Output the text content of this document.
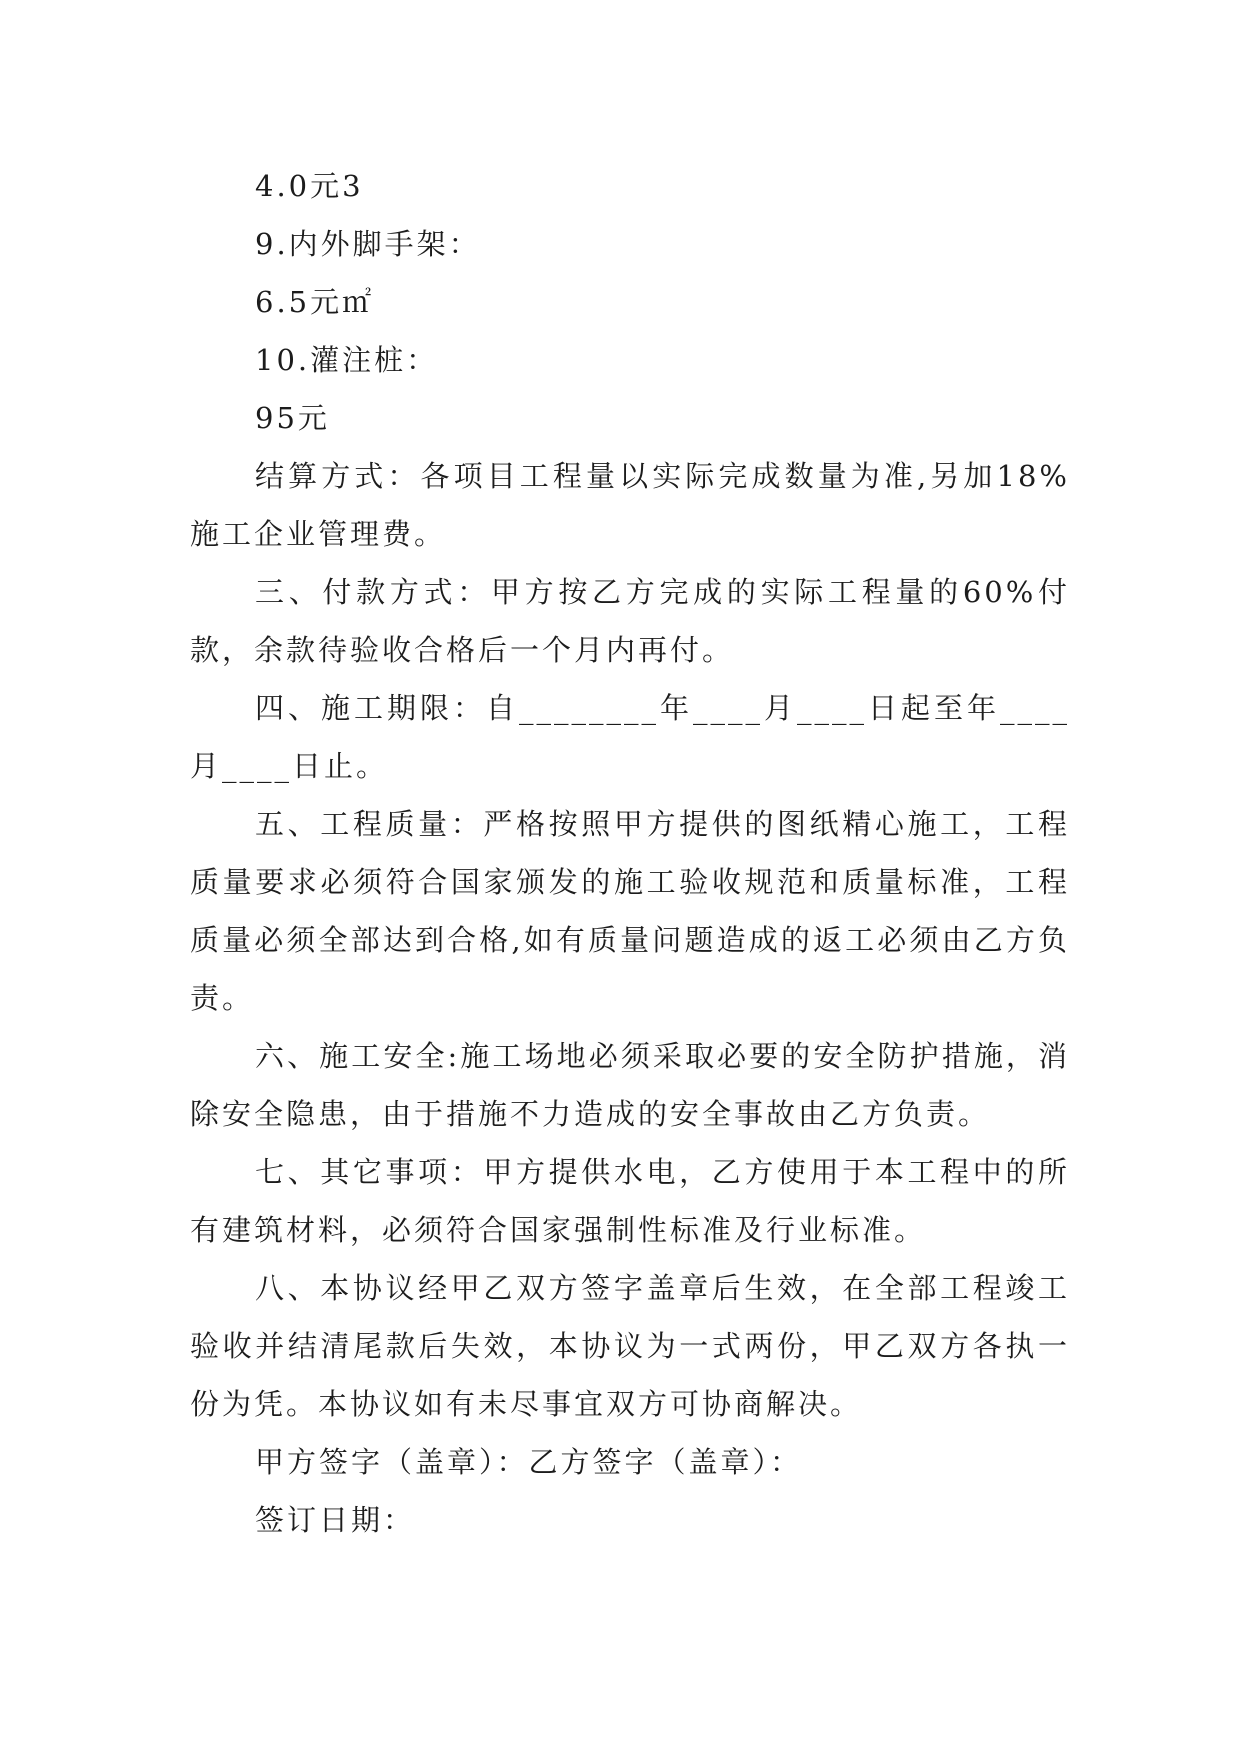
4.0元3

9.内外脚手架：

6.5元㎡

10.灌注桩：

95元

结算方式：各项目工程量以实际完成数量为准,另加18%施工企业管理费。

三、付款方式：甲方按乙方完成的实际工程量的60%付款，余款待验收合格后一个月内再付。

四、施工期限：自________年____月____日起至年____月____日止。

五、工程质量：严格按照甲方提供的图纸精心施工，工程质量要求必须符合国家颁发的施工验收规范和质量标准，工程质量必须全部达到合格,如有质量问题造成的返工必须由乙方负责。

六、施工安全:施工场地必须采取必要的安全防护措施，消除安全隐患，由于措施不力造成的安全事故由乙方负责。

七、其它事项：甲方提供水电，乙方使用于本工程中的所有建筑材料，必须符合国家强制性标准及行业标准。

八、本协议经甲乙双方签字盖章后生效，在全部工程竣工验收并结清尾款后失效，本协议为一式两份，甲乙双方各执一份为凭。本协议如有未尽事宜双方可协商解决。

甲方签字（盖章）：乙方签字（盖章）：

签订日期：
